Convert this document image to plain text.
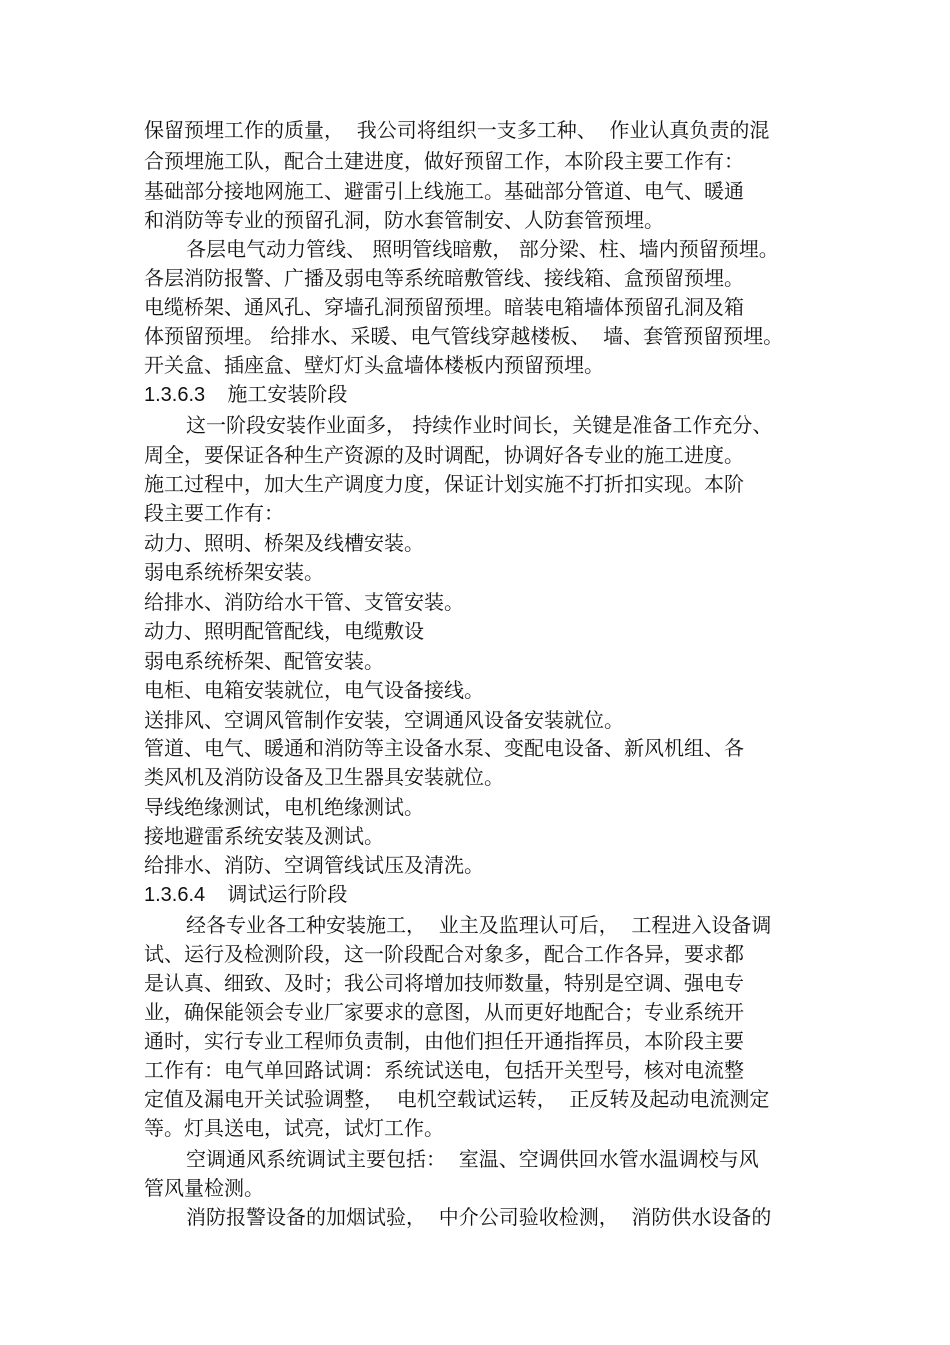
保留预埋工作的质量，  我公司将组织一支多工种、  作业认真负责的混
合预埋施工队，配合土建进度，做好预留工作，本阶段主要工作有：
基础部分接地网施工、避雷引上线施工。基础部分管道、电气、暖通
和消防等专业的预留孔洞，防水套管制安、人防套管预埋。
各层电气动力管线、 照明管线暗敷， 部分梁、柱、墙内预留预埋。
各层消防报警、广播及弱电等系统暗敷管线、接线箱、盒预留预埋。
电缆桥架、通风孔、穿墙孔洞预留预埋。暗装电箱墙体预留孔洞及箱
体预留预埋。 给排水、采暖、电气管线穿越楼板、  墙、套管预留预埋。
开关盒、插座盒、壁灯灯头盒墙体楼板内预留预埋。
1.3.6.3    施工安装阶段
这一阶段安装作业面多， 持续作业时间长，关键是准备工作充分、
周全，要保证各种生产资源的及时调配，协调好各专业的施工进度。
施工过程中，加大生产调度力度，保证计划实施不打折扣实现。本阶
段主要工作有：
动力、照明、桥架及线槽安装。
弱电系统桥架安装。
给排水、消防给水干管、支管安装。
动力、照明配管配线，电缆敷设
弱电系统桥架、配管安装。
电柜、电箱安装就位，电气设备接线。
送排风、空调风管制作安装，空调通风设备安装就位。
管道、电气、暖通和消防等主设备水泵、变配电设备、新风机组、各
类风机及消防设备及卫生器具安装就位。
导线绝缘测试，电机绝缘测试。
接地避雷系统安装及测试。
给排水、消防、空调管线试压及清洗。
1.3.6.4    调试运行阶段
经各专业各工种安装施工，  业主及监理认可后，  工程进入设备调
试、运行及检测阶段，这一阶段配合对象多，配合工作各异，要求都
是认真、细致、及时；我公司将增加技师数量，特别是空调、强电专
业，确保能领会专业厂家要求的意图，从而更好地配合；专业系统开
通时，实行专业工程师负责制，由他们担任开通指挥员，本阶段主要
工作有：电气单回路试调：系统试送电，包括开关型号，核对电流整
定值及漏电开关试验调整，  电机空载试运转，  正反转及起动电流测定
等。灯具送电，试亮，试灯工作。
空调通风系统调试主要包括：  室温、空调供回水管水温调校与风
管风量检测。
消防报警设备的加烟试验，  中介公司验收检测，  消防供水设备的
